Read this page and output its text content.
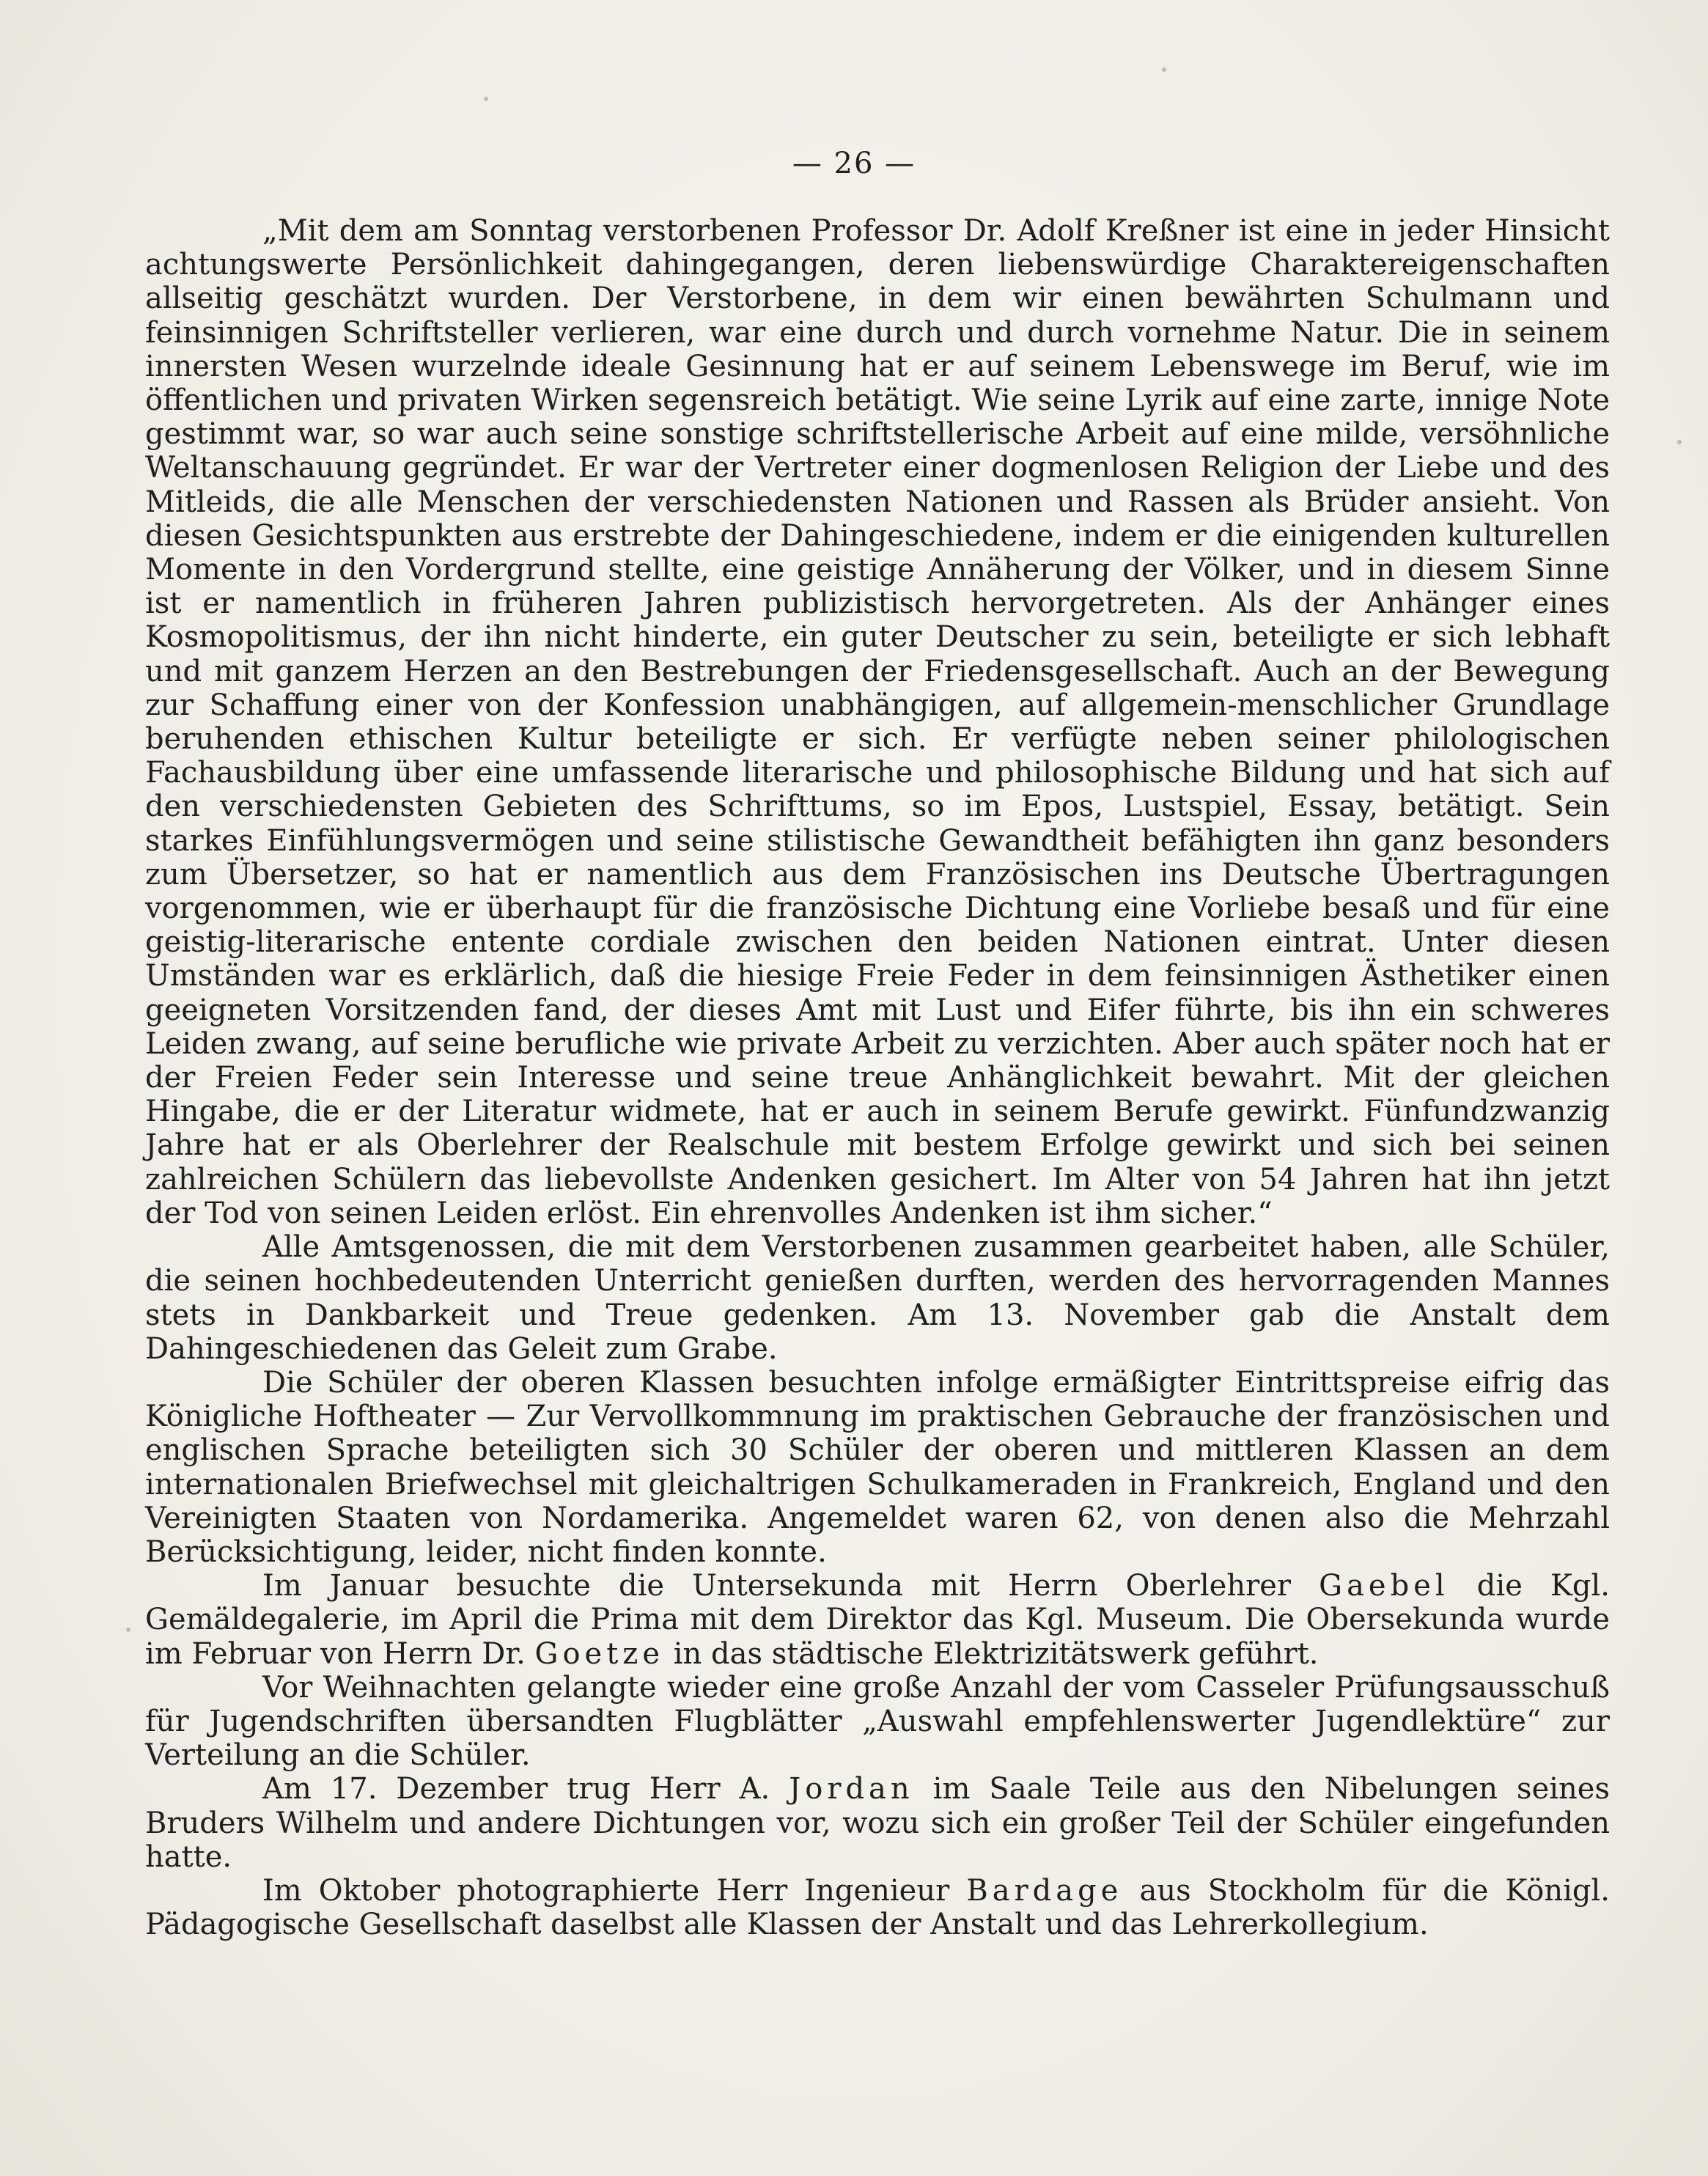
— 26 —

„Mit dem am Sonntag verstorbenen Professor Dr. Adolf Kreßner ist eine in jeder Hinsicht achtungswerte Persönlichkeit dahingegangen, deren liebenswürdige Charaktereigenschaften allseitig geschätzt wurden. Der Verstorbene, in dem wir einen bewährten Schulmann und feinsinnigen Schriftsteller verlieren, war eine durch und durch vornehme Natur. Die in seinem innersten Wesen wurzelnde ideale Gesinnung hat er auf seinem Lebenswege im Beruf, wie im öffentlichen und privaten Wirken segensreich betätigt. Wie seine Lyrik auf eine zarte, innige Note gestimmt war, so war auch seine sonstige schriftstellerische Arbeit auf eine milde, versöhnliche Weltanschauung gegründet. Er war der Vertreter einer dogmenlosen Religion der Liebe und des Mitleids, die alle Menschen der verschiedensten Nationen und Rassen als Brüder ansieht. Von diesen Gesichtspunkten aus erstrebte der Dahingeschiedene, indem er die einigenden kulturellen Momente in den Vordergrund stellte, eine geistige Annäherung der Völker, und in diesem Sinne ist er namentlich in früheren Jahren publizistisch hervorgetreten. Als der Anhänger eines Kosmopolitismus, der ihn nicht hinderte, ein guter Deutscher zu sein, beteiligte er sich lebhaft und mit ganzem Herzen an den Bestrebungen der Friedensgesellschaft. Auch an der Bewegung zur Schaffung einer von der Konfession unabhängigen, auf allgemein-menschlicher Grundlage beruhenden ethischen Kultur beteiligte er sich. Er verfügte neben seiner philologischen Fachausbildung über eine umfassende literarische und philosophische Bildung und hat sich auf den verschiedensten Gebieten des Schrifttums, so im Epos, Lustspiel, Essay, betätigt. Sein starkes Einfühlungsvermögen und seine stilistische Gewandtheit befähigten ihn ganz besonders zum Übersetzer, so hat er namentlich aus dem Französischen ins Deutsche Übertragungen vorgenommen, wie er überhaupt für die französische Dichtung eine Vorliebe besaß und für eine geistig-literarische entente cordiale zwischen den beiden Nationen eintrat. Unter diesen Umständen war es erklärlich, daß die hiesige Freie Feder in dem feinsinnigen Ästhetiker einen geeigneten Vorsitzenden fand, der dieses Amt mit Lust und Eifer führte, bis ihn ein schweres Leiden zwang, auf seine berufliche wie private Arbeit zu verzichten. Aber auch später noch hat er der Freien Feder sein Interesse und seine treue Anhänglichkeit bewahrt. Mit der gleichen Hingabe, die er der Literatur widmete, hat er auch in seinem Berufe gewirkt. Fünfundzwanzig Jahre hat er als Oberlehrer der Realschule mit bestem Erfolge gewirkt und sich bei seinen zahlreichen Schülern das liebevollste Andenken gesichert. Im Alter von 54 Jahren hat ihn jetzt der Tod von seinen Leiden erlöst. Ein ehrenvolles Andenken ist ihm sicher.“

Alle Amtsgenossen, die mit dem Verstorbenen zusammen gearbeitet haben, alle Schüler, die seinen hochbedeutenden Unterricht genießen durften, werden des hervorragenden Mannes stets in Dankbarkeit und Treue gedenken. Am 13. November gab die Anstalt dem Dahingeschiedenen das Geleit zum Grabe.

Die Schüler der oberen Klassen besuchten infolge ermäßigter Eintrittspreise eifrig das Königliche Hoftheater — Zur Vervollkommnung im praktischen Gebrauche der französischen und englischen Sprache beteiligten sich 30 Schüler der oberen und mittleren Klassen an dem internationalen Briefwechsel mit gleichaltrigen Schulkameraden in Frankreich, England und den Vereinigten Staaten von Nordamerika. Angemeldet waren 62, von denen also die Mehrzahl Berücksichtigung, leider, nicht finden konnte.

Im Januar besuchte die Untersekunda mit Herrn Oberlehrer Gaebel die Kgl. Gemäldegalerie, im April die Prima mit dem Direktor das Kgl. Museum. Die Obersekunda wurde im Februar von Herrn Dr. Goetze in das städtische Elektrizitätswerk geführt.

Vor Weihnachten gelangte wieder eine große Anzahl der vom Casseler Prüfungsausschuß für Jugendschriften übersandten Flugblätter „Auswahl empfehlenswerter Jugendlektüre“ zur Verteilung an die Schüler.

Am 17. Dezember trug Herr A. Jordan im Saale Teile aus den Nibelungen seines Bruders Wilhelm und andere Dichtungen vor, wozu sich ein großer Teil der Schüler eingefunden hatte.

Im Oktober photographierte Herr Ingenieur Bardage aus Stockholm für die Königl. Pädagogische Gesellschaft daselbst alle Klassen der Anstalt und das Lehrerkollegium.
